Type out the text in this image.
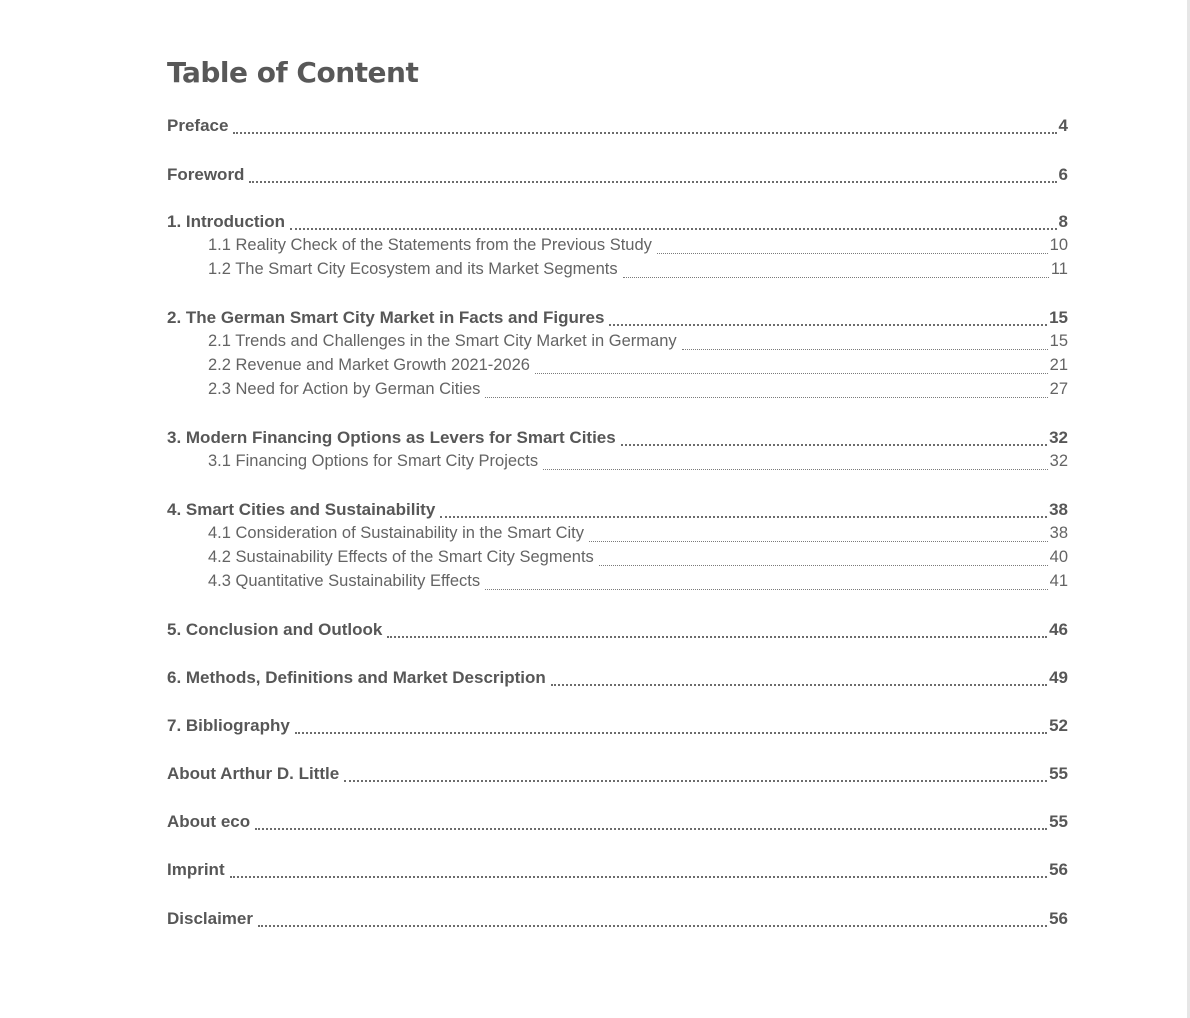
Table of Content
Preface	4
Foreword	6
1. Introduction	8
1.1 Reality Check of the Statements from the Previous Study	10
1.2 The Smart City Ecosystem and its Market Segments	11
2. The German Smart City Market in Facts and Figures	15
2.1 Trends and Challenges in the Smart City Market in Germany	15
2.2 Revenue and Market Growth 2021-2026	21
2.3 Need for Action by German Cities	27
3. Modern Financing Options as Levers for Smart Cities	32
3.1 Financing Options for Smart City Projects	32
4. Smart Cities and Sustainability	38
4.1 Consideration of Sustainability in the Smart City	38
4.2 Sustainability Effects of the Smart City Segments	40
4.3 Quantitative Sustainability Effects	41
5. Conclusion and Outlook	46
6. Methods, Definitions and Market Description	49
7. Bibliography	52
About Arthur D. Little	55
About eco	55
Imprint	56
Disclaimer	56
